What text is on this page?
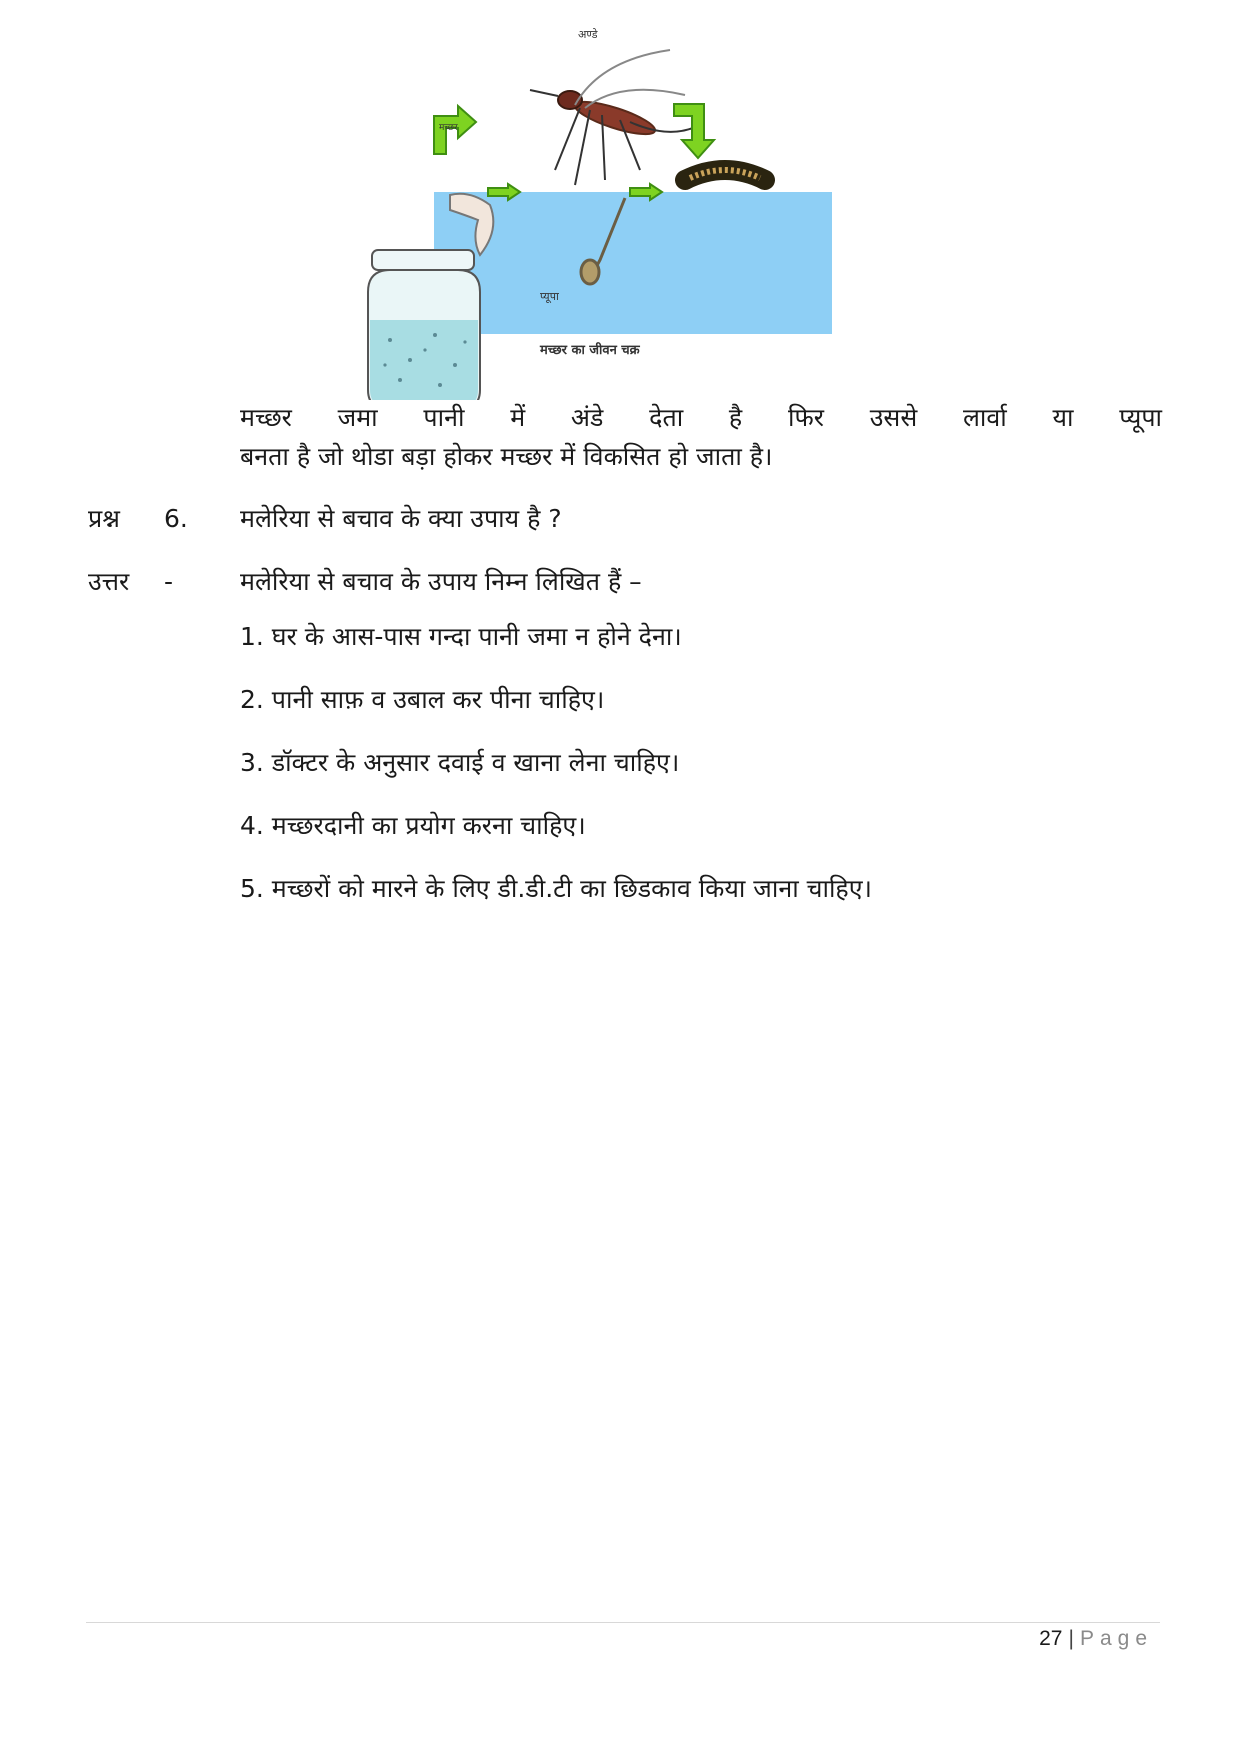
अण्डे
मच्छर
प्यूपा
मच्छर का जीवन चक्र

मच्छर जमा पानी में अंडे देता है फिर उससे लार्वा या प्यूपा
बनता है जो थोडा बड़ा होकर मच्छर में विकसित हो जाता है।

प्रश्न	6.	मलेरिया से बचाव के क्या उपाय है ?
उत्तर	-	मलेरिया से बचाव के उपाय निम्न लिखित हैं –
1. घर के आस-पास गन्दा पानी जमा न होने देना।
2. पानी साफ़ व उबाल कर पीना चाहिए।
3. डॉक्टर के अनुसार दवाई व खाना लेना चाहिए।
4. मच्छरदानी का प्रयोग करना चाहिए।
5. मच्छरों को मारने के लिए डी.डी.टी का छिडकाव किया जाना चाहिए।
27 | Page
